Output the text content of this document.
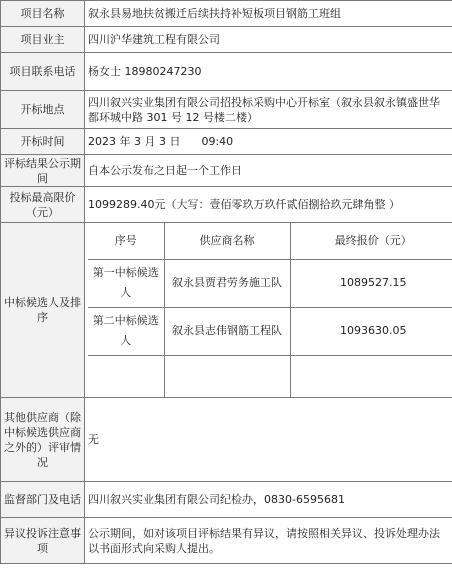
项目名称	叙永县易地扶贫搬迁后续扶持补短板项目钢筋工班组
项目业主	四川沪华建筑工程有限公司
项目联系电话	杨女士 18980247230
开标地点	四川叙兴实业集团有限公司招投标采购中心开标室（叙永县叙永镇盛世华都环城中路 301 号 12 号楼二楼）
开标时间	2023 年 3 月 3 日      09:40
评标结果公示期间	自本公示发布之日起一个工作日
投标最高限价（元）	1099289.40元（大写：壹佰零玖万玖仟贰佰捌拾玖元肆角整 ）
中标候选人及排序	
序号	供应商名称	最终报价（元）
第一中标候选人	叙永县贾君劳务施工队	1089527.15
第二中标候选人	叙永县志伟钢筋工程队	1093630.05

其他供应商（除中标候选供应商之外的）评审情况	无
监督部门及电话	四川叙兴实业集团有限公司纪检办，0830-6595681
异议投诉注意事项	公示期间，如对该项目评标结果有异议，请按照相关异议、投诉处理办法以书面形式向采购人提出。
